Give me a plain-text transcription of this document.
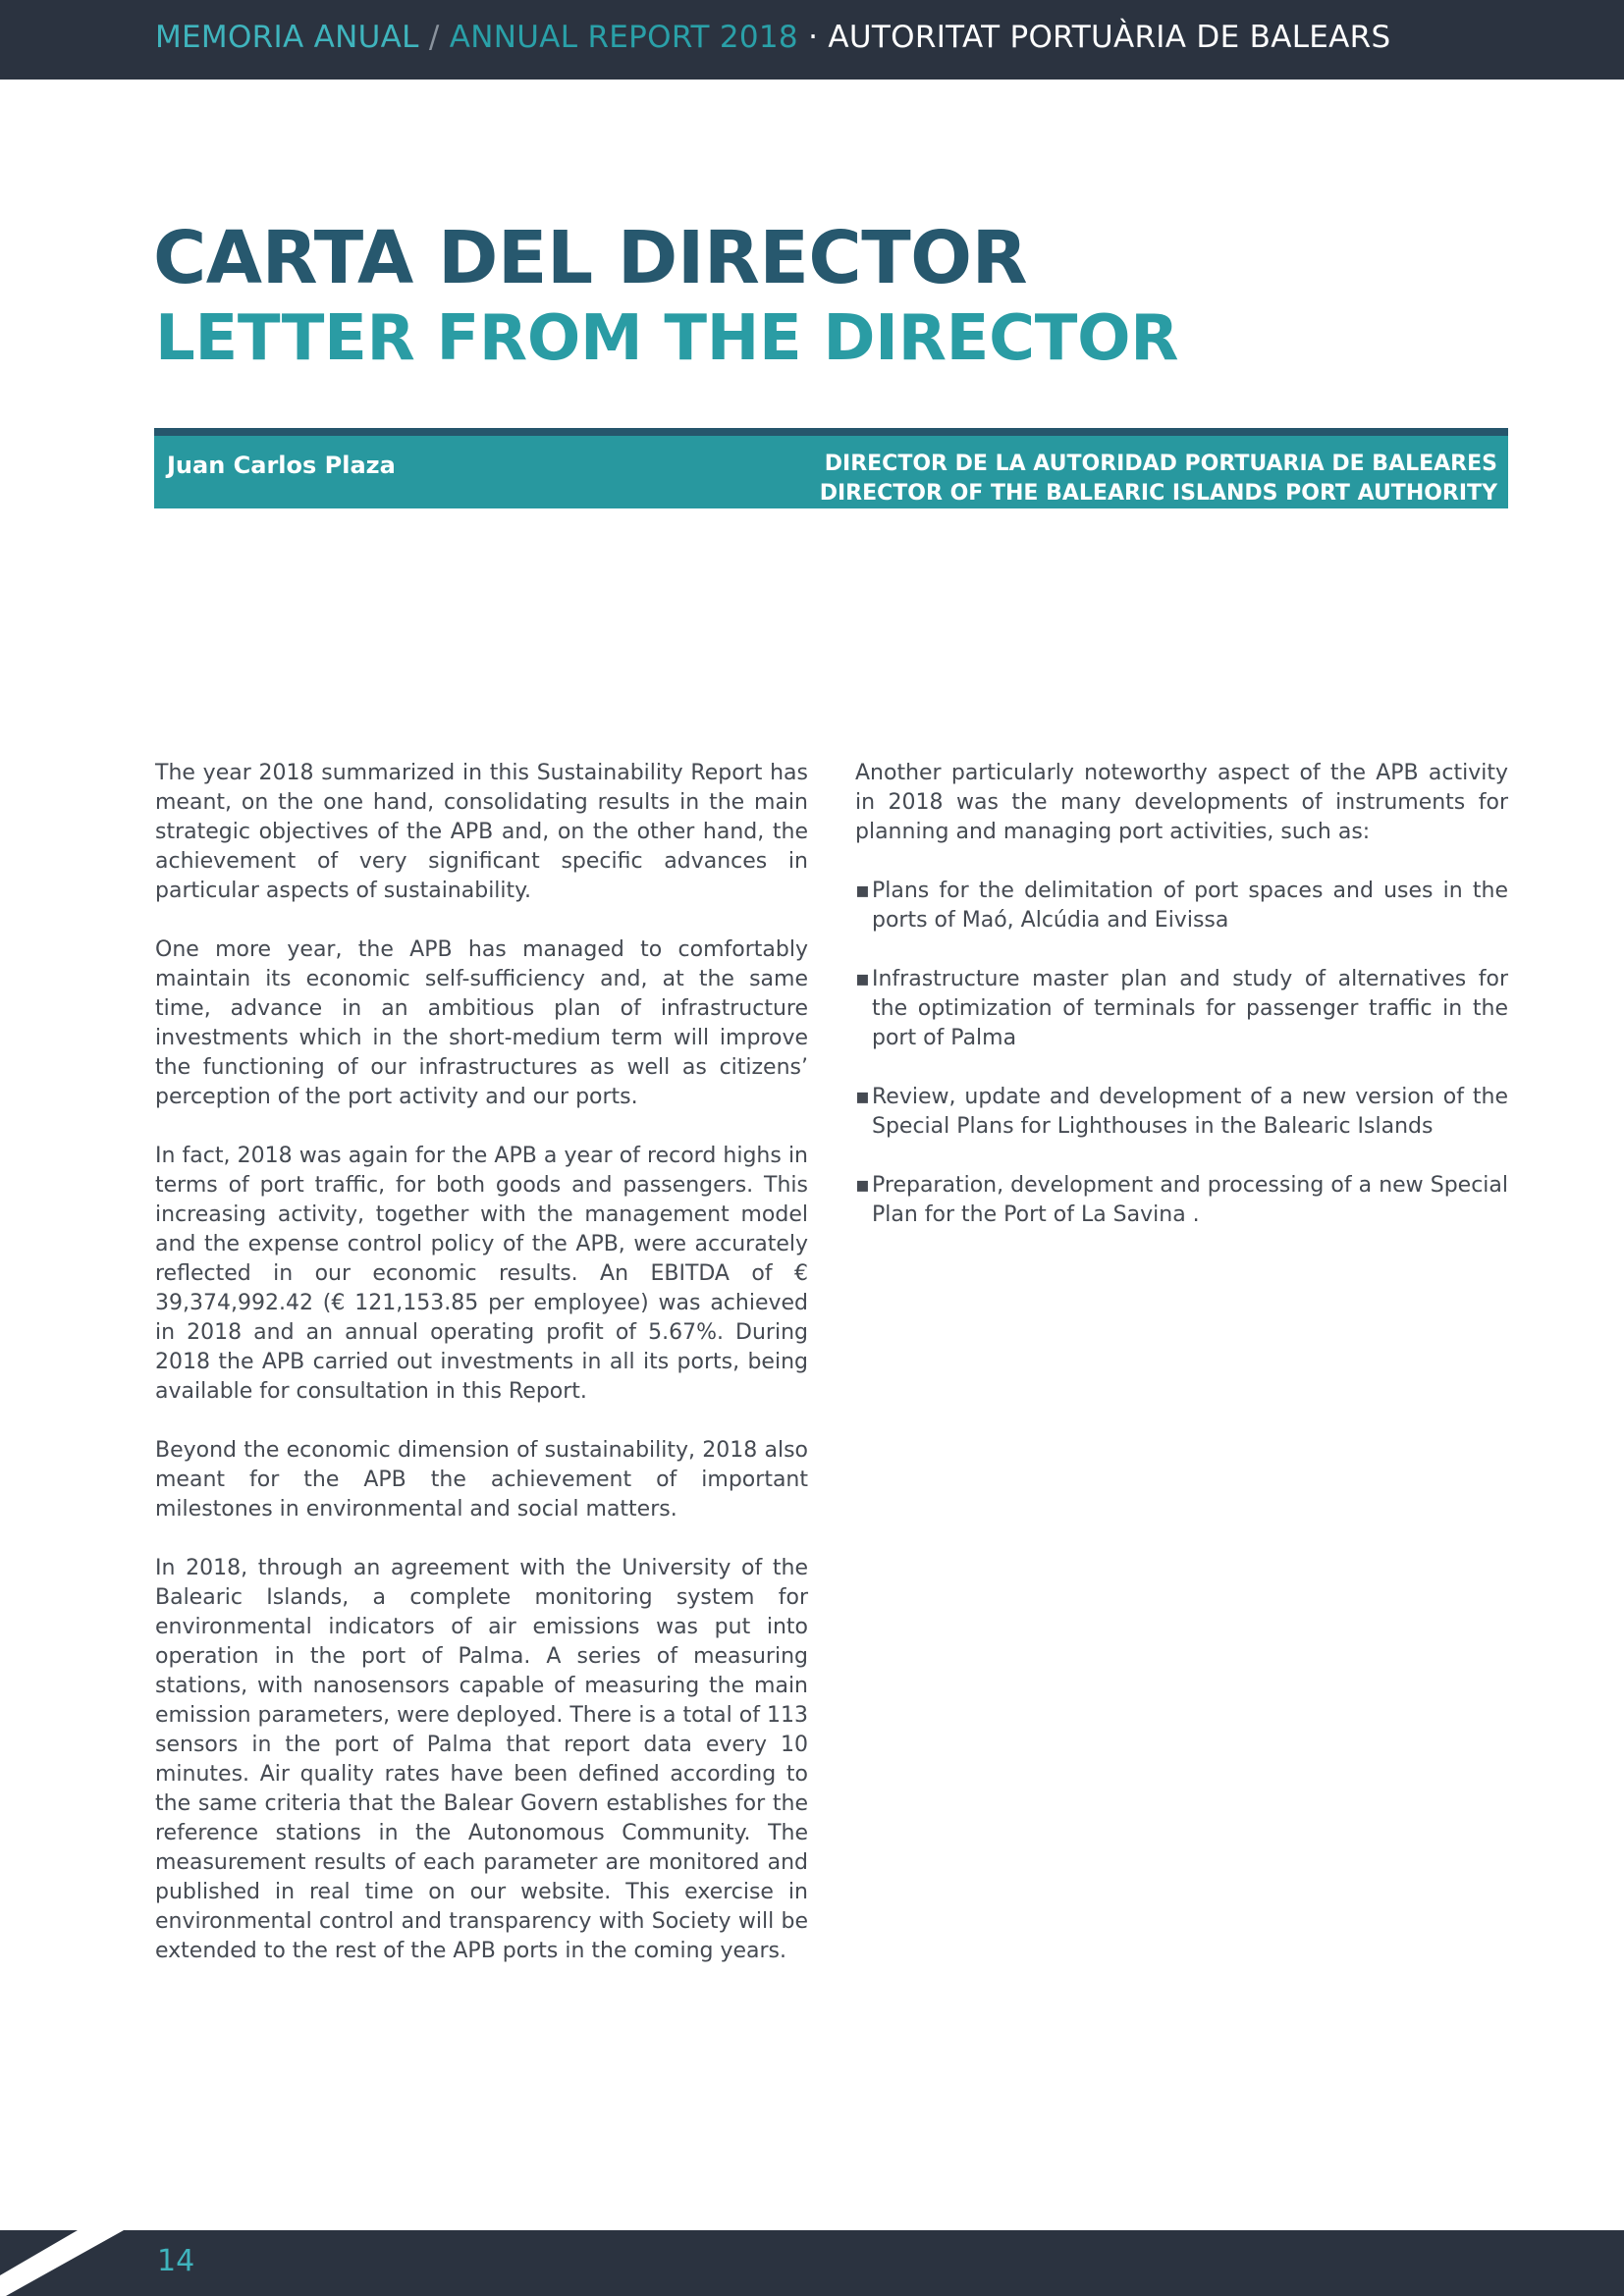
MEMORIA ANUAL / ANNUAL REPORT 2018 · AUTORITAT PORTUÀRIA DE BALEARS
CARTA DEL DIRECTOR
LETTER FROM THE DIRECTOR
Juan Carlos Plaza	DIRECTOR DE LA AUTORIDAD PORTUARIA DE BALEARES
DIRECTOR OF THE BALEARIC ISLANDS PORT AUTHORITY

The year 2018 summarized in this Sustainability Report has meant, on the one hand, consolidating results in the main strategic objectives of the APB and, on the other hand, the achievement of very significant specific advances in particular aspects of sustainability.

One more year, the APB has managed to comfortably maintain its economic self-sufficiency and, at the same time, advance in an ambitious plan of infrastructure investments which in the short-medium term will improve the functioning of our infrastructures as well as citizens’ perception of the port activity and our ports.

In fact, 2018 was again for the APB a year of record highs in terms of port traffic, for both goods and passengers. This increasing activity, together with the management model and the expense control policy of the APB, were accurately reflected in our economic results. An EBITDA of € 39,374,992.42 (€ 121,153.85 per employee) was achieved in 2018 and an annual operating profit of 5.67%. During 2018 the APB carried out investments in all its ports, being available for consultation in this Report.

Beyond the economic dimension of sustainability, 2018 also meant for the APB the achievement of important milestones in environmental and social matters.

In 2018, through an agreement with the University of the Balearic Islands, a complete monitoring system for environmental indicators of air emissions was put into operation in the port of Palma. A series of measuring stations, with nanosensors capable of measuring the main emission parameters, were deployed. There is a total of 113 sensors in the port of Palma that report data every 10 minutes. Air quality rates have been defined according to the same criteria that the Balear Govern establishes for the reference stations in the Autonomous Community. The measurement results of each parameter are monitored and published in real time on our website. This exercise in environmental control and transparency with Society will be extended to the rest of the APB ports in the coming years.

Another particularly noteworthy aspect of the APB activity in 2018 was the many developments of instruments for planning and managing port activities, such as:

▪ Plans for the delimitation of port spaces and uses in the ports of Maó, Alcúdia and Eivissa
▪ Infrastructure master plan and study of alternatives for the optimization of terminals for passenger traffic in the port of Palma
▪ Review, update and development of a new version of the Special Plans for Lighthouses in the Balearic Islands
▪ Preparation, development and processing of a new Special Plan for the Port of La Savina .
14
